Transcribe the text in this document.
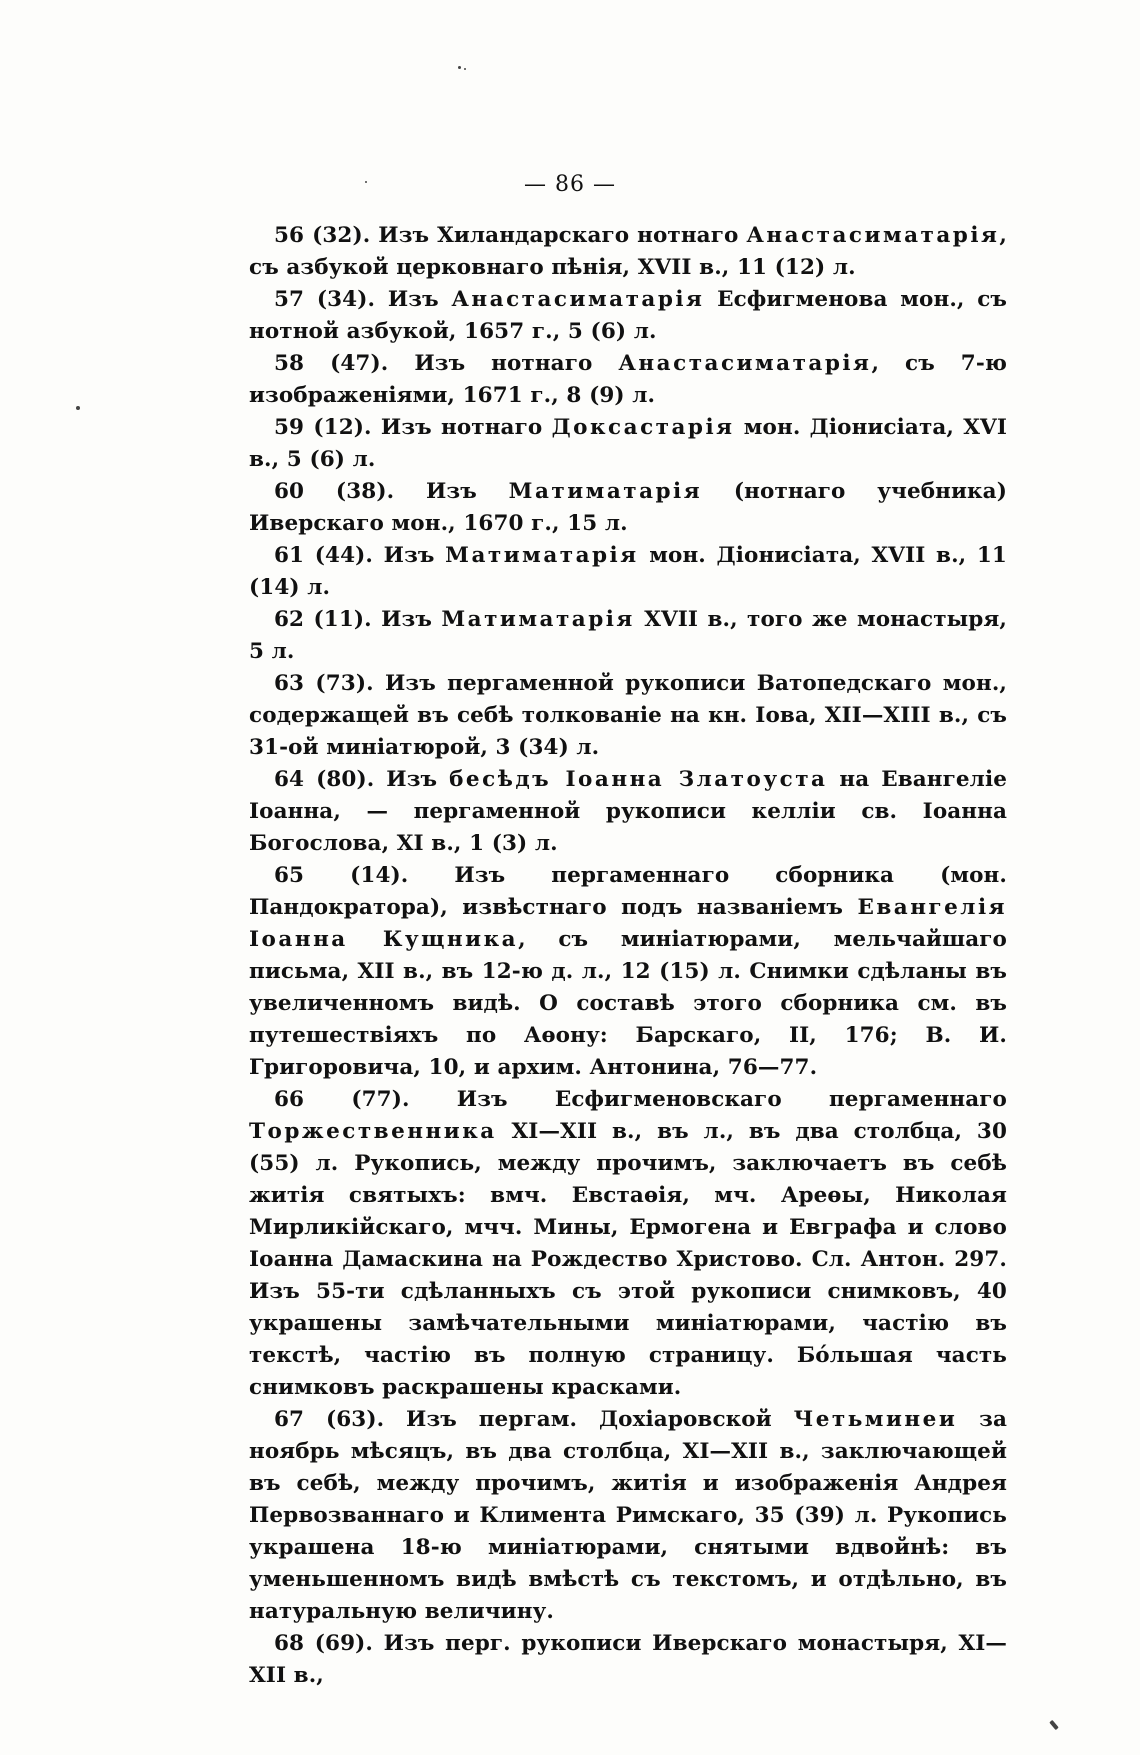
— 86 —

56 (32). Изъ Хиландарскаго нотнаго Анастасиматарія, съ азбукой церковнаго пѣнія, XVII в., 11 (12) л.

57 (34). Изъ Анастасиматарія Есфигменова мон., съ нотной азбукой, 1657 г., 5 (6) л.

58 (47). Изъ нотнаго Анастасиматарія, съ 7-ю изображеніями, 1671 г., 8 (9) л.

59 (12). Изъ нотнаго Доксастарія мон. Діонисіата, XVI в., 5 (6) л.

60 (38). Изъ Матиматарія (нотнаго учебника) Иверскаго мон., 1670 г., 15 л.

61 (44). Изъ Матиматарія мон. Діонисіата, XVII в., 11 (14) л.

62 (11). Изъ Матиматарія XVII в., того же монастыря, 5 л.

63 (73). Изъ пергаменной рукописи Ватопедскаго мон., содержащей въ себѣ толкованіе на кн. Іова, XII—XIII в., съ 31-ой миніатюрой, 3 (34) л.

64 (80). Изъ бесѣдъ Іоанна Златоуста на Евангеліе Іоанна, — пергаменной рукописи келліи св. Іоанна Богослова, XI в., 1 (3) л.

65 (14). Изъ пергаменнаго сборника (мон. Пандократора), извѣстнаго подъ названіемъ Евангелія Іоанна Кущника, съ миніатюрами, мельчайшаго письма, XII в., въ 12-ю д. л., 12 (15) л. Снимки сдѣланы въ увеличенномъ видѣ. О составѣ этого сборника см. въ путешествіяхъ по Аѳону: Барскаго, II, 176; В. И. Григоровича, 10, и архим. Антонина, 76—77.

66 (77). Изъ Есфигменовскаго пергаменнаго Торжественника XI—XII в., въ л., въ два столбца, 30 (55) л. Рукопись, между прочимъ, заключаетъ въ себѣ житія святыхъ: вмч. Евстаѳія, мч. Ареѳы, Николая Мирликійскаго, мчч. Мины, Ермогена и Евграфа и слово Іоанна Дамаскина на Рождество Христово. Сл. Антон. 297. Изъ 55-ти сдѣланныхъ съ этой рукописи снимковъ, 40 украшены замѣчательными миніатюрами, частію въ текстѣ, частію въ полную страницу. Бо́льшая часть снимковъ раскрашены красками.

67 (63). Изъ пергам. Дохіаровской Четьминеи за ноябрь мѣсяцъ, въ два столбца, XI—XII в., заключающей въ себѣ, между прочимъ, житія и изображенія Андрея Первозваннаго и Климента Римскаго, 35 (39) л. Рукопись украшена 18-ю миніатюрами, снятыми вдвойнѣ: въ уменьшенномъ видѣ вмѣстѣ съ текстомъ, и отдѣльно, въ натуральную величину.

68 (69). Изъ перг. рукописи Иверскаго монастыря, XI—XII в.,
